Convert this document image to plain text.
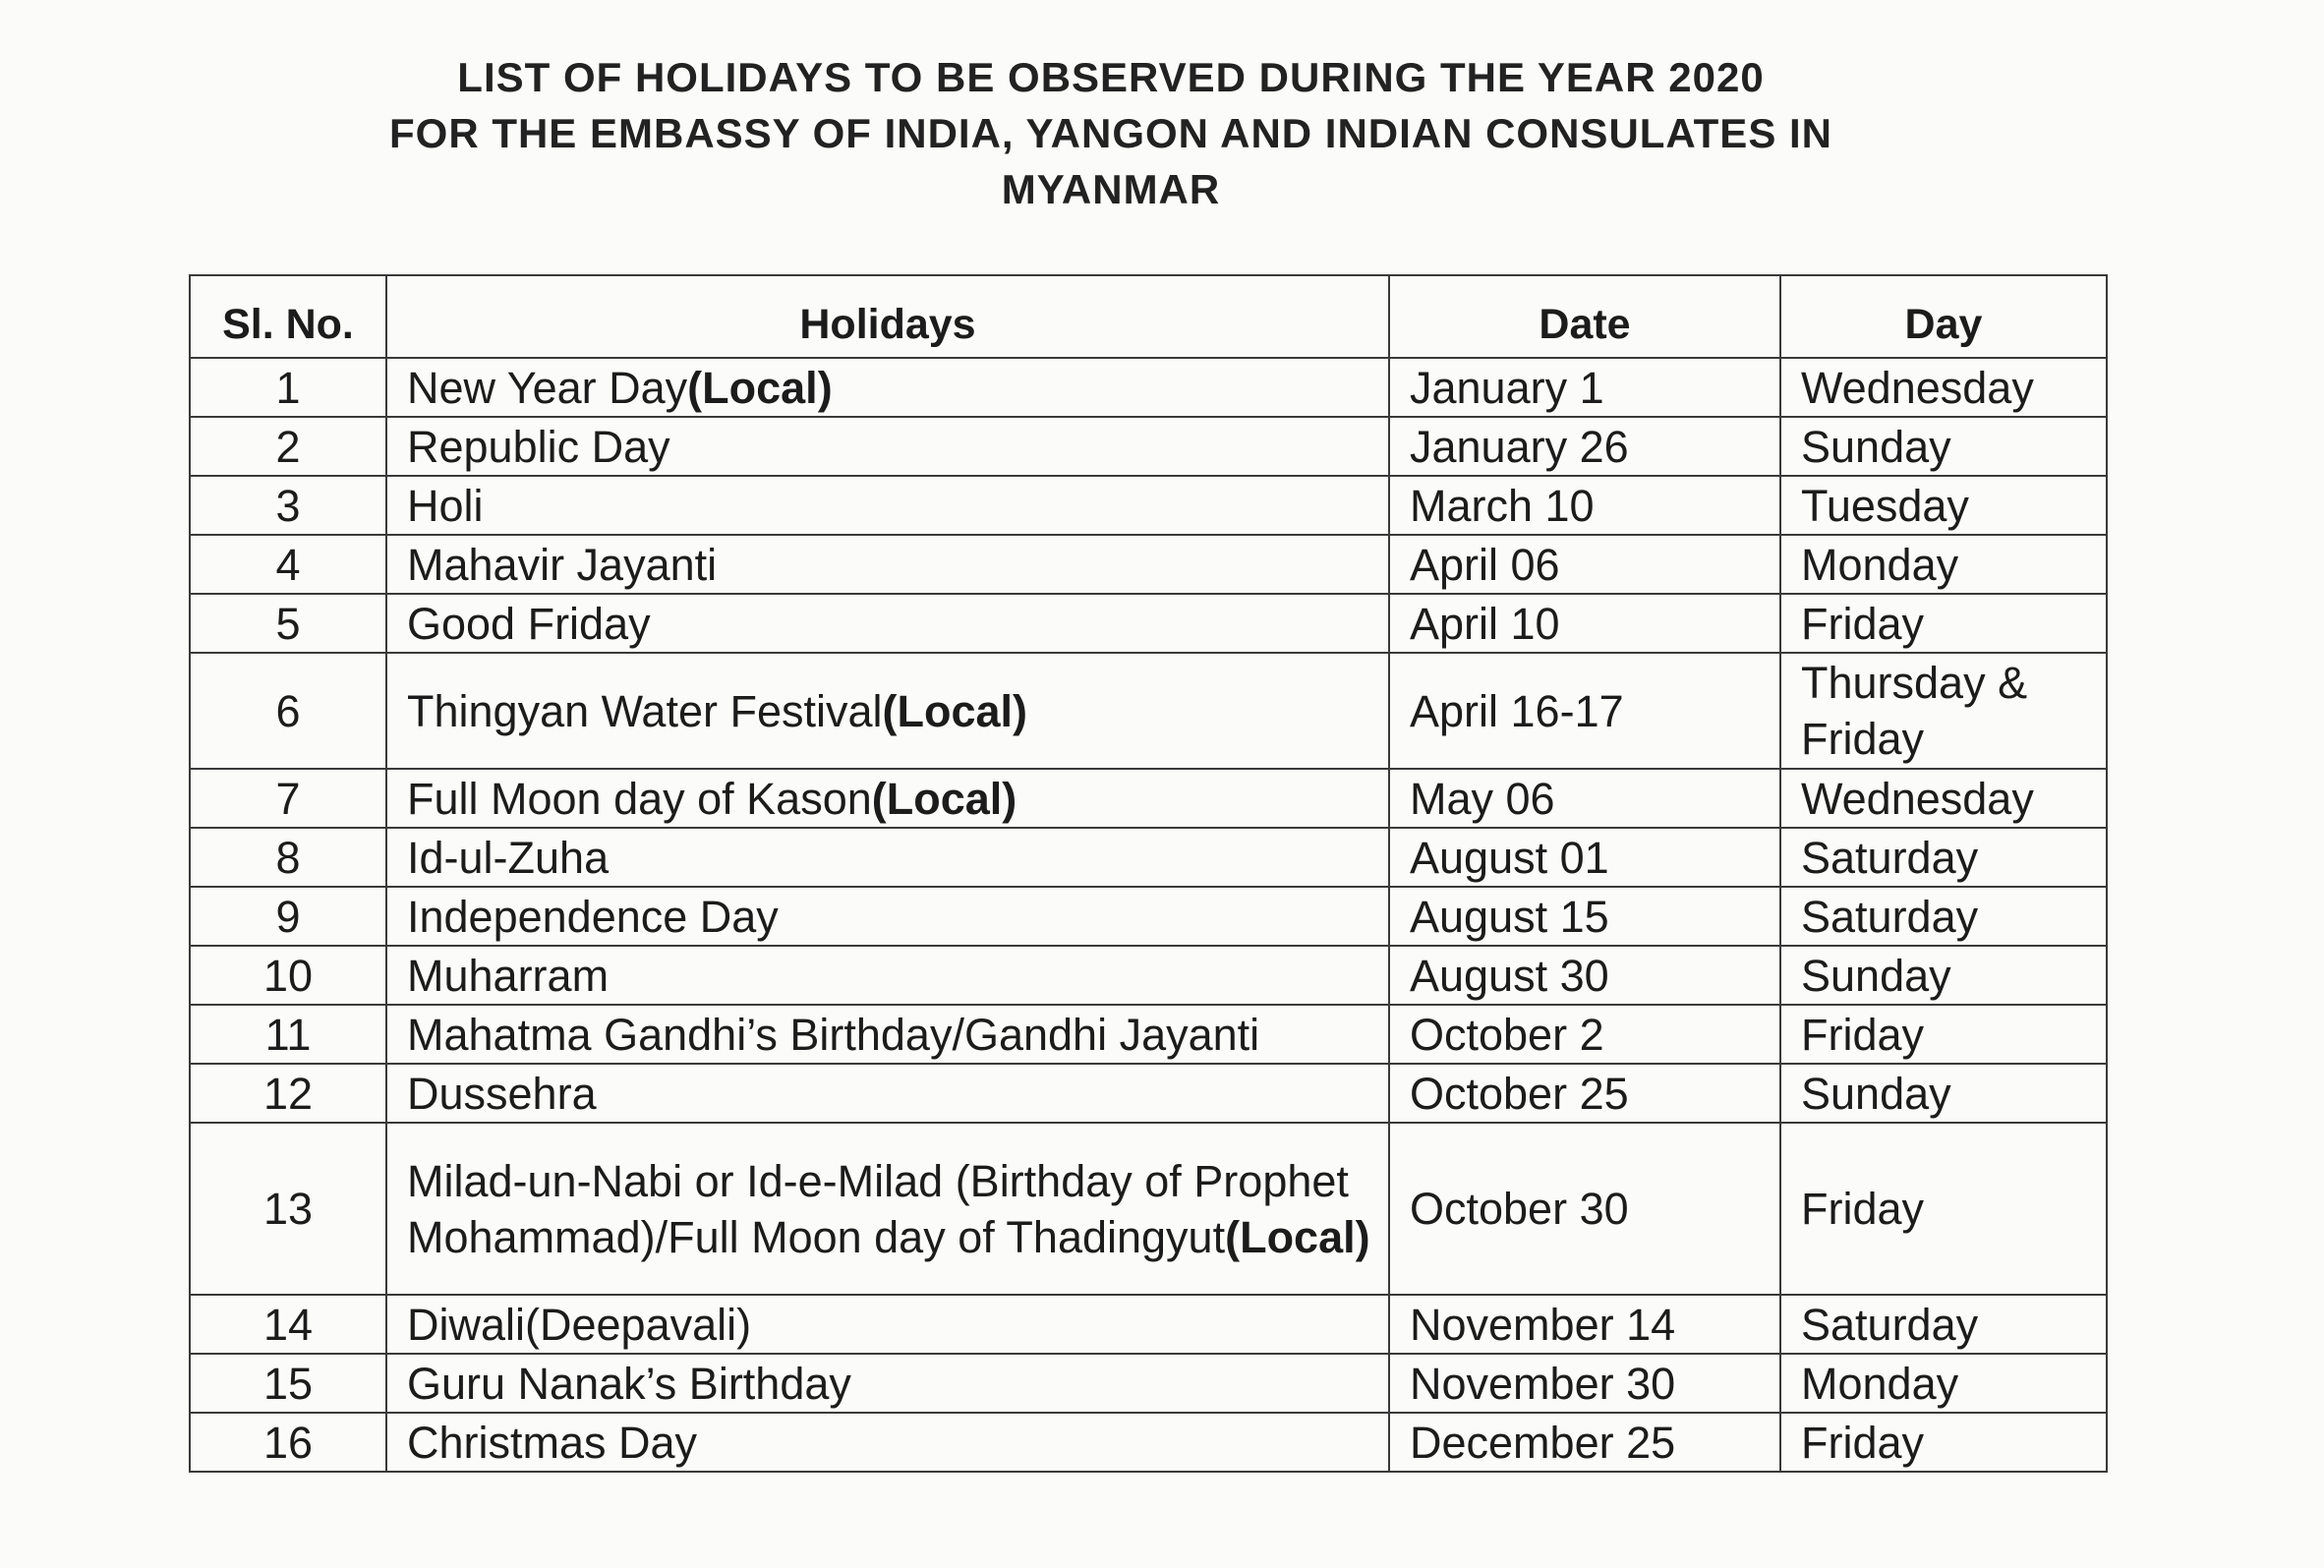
LIST OF HOLIDAYS TO BE OBSERVED DURING THE YEAR 2020
FOR THE EMBASSY OF INDIA, YANGON AND INDIAN CONSULATES IN
MYANMAR
Sl. No.	Holidays	Date	Day
1	New Year Day(Local)	January 1	Wednesday
2	Republic Day	January 26	Sunday
3	Holi	March 10	Tuesday
4	Mahavir Jayanti	April 06	Monday
5	Good Friday	April 10	Friday
6	Thingyan Water Festival(Local)	April 16-17	Thursday & Friday
7	Full Moon day of Kason(Local)	May 06	Wednesday
8	Id-ul-Zuha	August 01	Saturday
9	Independence Day	August 15	Saturday
10	Muharram	August 30	Sunday
11	Mahatma Gandhi’s Birthday/Gandhi Jayanti	October 2	Friday
12	Dussehra	October 25	Sunday
13	Milad-un-Nabi or Id-e-Milad (Birthday of Prophet Mohammad)/Full Moon day of Thadingyut(Local)	October 30	Friday
14	Diwali(Deepavali)	November 14	Saturday
15	Guru Nanak’s Birthday	November 30	Monday
16	Christmas Day	December 25	Friday
